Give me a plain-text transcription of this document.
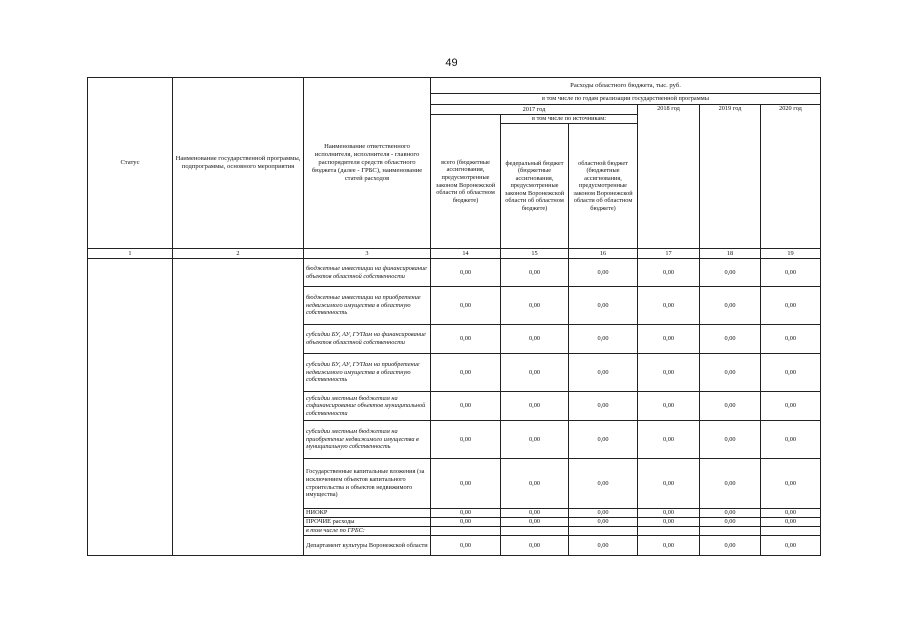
49
Статус	Наименование государственной программы, подпрограммы, основного мероприятия	Наименование ответственного исполнителя, исполнителя - главного распорядителя средств областного бюджета (далее - ГРБС), наименование статей расходов	Расходы областного бюджета, тыс. руб.					
			в том числе по годам реализации государственной программы					
			2017 год			2018 год	2019 год	2020 год
			всего (бюджетные ассигнования, предусмотренные законом Воронежской области об областном бюджете)	в том числе по источникам:				
				федеральный бюджет (бюджетные ассигнования, предусмотренные законом Воронежской области об областном бюджете)	областной бюджет (бюджетные ассигнования, предусмотренные законом Воронежской области об областном бюджете)			
1	2	3	14	15	16	17	18	19
		бюджетные инвестиции на финансирование объектов областной собственности	0,00	0,00	0,00	0,00	0,00	0,00
		бюджетные инвестиции на приобретение недвижимого имущества в областную собственность	0,00	0,00	0,00	0,00	0,00	0,00
		субсидии БУ, АУ, ГУПам на финансирование объектов областной собственности	0,00	0,00	0,00	0,00	0,00	0,00
		субсидии БУ, АУ, ГУПам на приобретение недвижимого имущества в областную собственность	0,00	0,00	0,00	0,00	0,00	0,00
		субсидии местным бюджетам на софинансирование объектов муниципальной собственности	0,00	0,00	0,00	0,00	0,00	0,00
		субсидии местным бюджетам на приобретение недвижимого имущества в муниципальную собственность	0,00	0,00	0,00	0,00	0,00	0,00
		Государственные капитальные вложения (за исключением объектов капитального строительства и объектов недвижимого имущества)	0,00	0,00	0,00	0,00	0,00	0,00
		НИОКР	0,00	0,00	0,00	0,00	0,00	0,00
		ПРОЧИЕ расходы	0,00	0,00	0,00	0,00	0,00	0,00
		в том числе по ГРБС:						
		Департамент культуры Воронежской области	0,00	0,00	0,00	0,00	0,00	0,00
